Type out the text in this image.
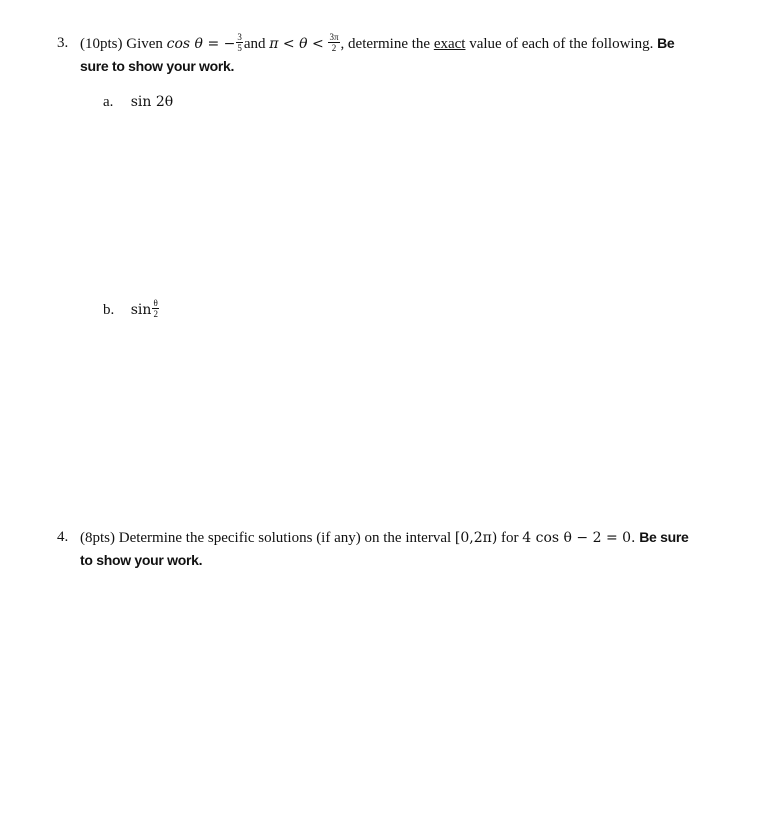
3. (10pts) Given cos θ = − $\frac{3}{5}$ and $\pi < \theta < \frac{3\pi}{2}$ , determine the exact value of each of the following. Be
sure to show your work.
a. sin 2θ
b. $\sin \frac{\theta}{2}$
4. (8pts) Determine the specific solutions (if any) on the interval [0,2π) for 4 cos θ − 2 = 0. Be sure
to show your work.
